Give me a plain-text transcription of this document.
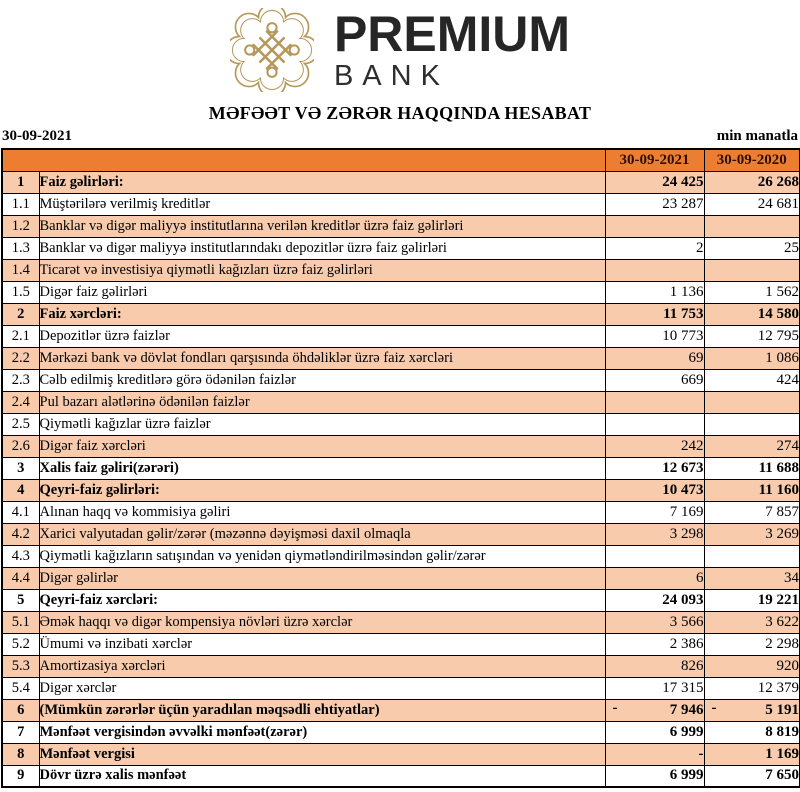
PREMIUM
BANK
MƏFƏƏT VƏ ZƏRƏR HAQQINDA HESABAT
30-09-2021	min manatla
		30-09-2021	30-09-2020
1	Faiz gəlirləri:	24 425	26 268
1.1	Müştərilərə verilmiş kreditlər	23 287	24 681
1.2	Banklar və digər maliyyə institutlarına verilən kreditlər üzrə faiz gəlirləri		
1.3	Banklar və digər maliyyə institutlarındakı depozitlər üzrə faiz gəlirləri	2	25
1.4	Ticarət və investisiya qiymətli kağızları üzrə faiz gəlirləri		
1.5	Digər faiz gəlirləri	1 136	1 562
2	Faiz xərcləri:	11 753	14 580
2.1	Depozitlər üzrə faizlər	10 773	12 795
2.2	Mərkəzi bank və dövlət fondları qarşısında öhdəliklər üzrə faiz xərcləri	69	1 086
2.3	Cəlb edilmiş kreditlərə görə ödənilən faizlər	669	424
2.4	Pul bazarı alətlərinə ödənilən faizlər		
2.5	Qiymətli kağızlar üzrə faizlər		
2.6	Digər faiz xərcləri	242	274
3	Xalis faiz gəliri(zərəri)	12 673	11 688
4	Qeyri-faiz gəlirləri:	10 473	11 160
4.1	Alınan haqq və kommisiya gəliri	7 169	7 857
4.2	Xarici valyutadan gəlir/zərər (məzənnə dəyişməsi daxil olmaqla	3 298	3 269
4.3	Qiymətli kağızların satışından və yenidən qiymətləndirilməsindən gəlir/zərər		
4.4	Digər gəlirlər	6	34
5	Qeyri-faiz xərcləri:	24 093	19 221
5.1	Əmək haqqı və digər kompensiya növləri üzrə xərclər	3 566	3 622
5.2	Ümumi və inzibati xərclər	2 386	2 298
5.3	Amortizasiya xərcləri	826	920
5.4	Digər xərclər	17 315	12 379
6	(Mümkün zərərlər üçün yaradılan məqsədli ehtiyatlar)	- 7 946	- 5 191
7	Mənfəət vergisindən əvvəlki mənfəət(zərər)	6 999	8 819
8	Mənfəət vergisi	-	1 169
9	Dövr üzrə xalis mənfəət	6 999	7 650
